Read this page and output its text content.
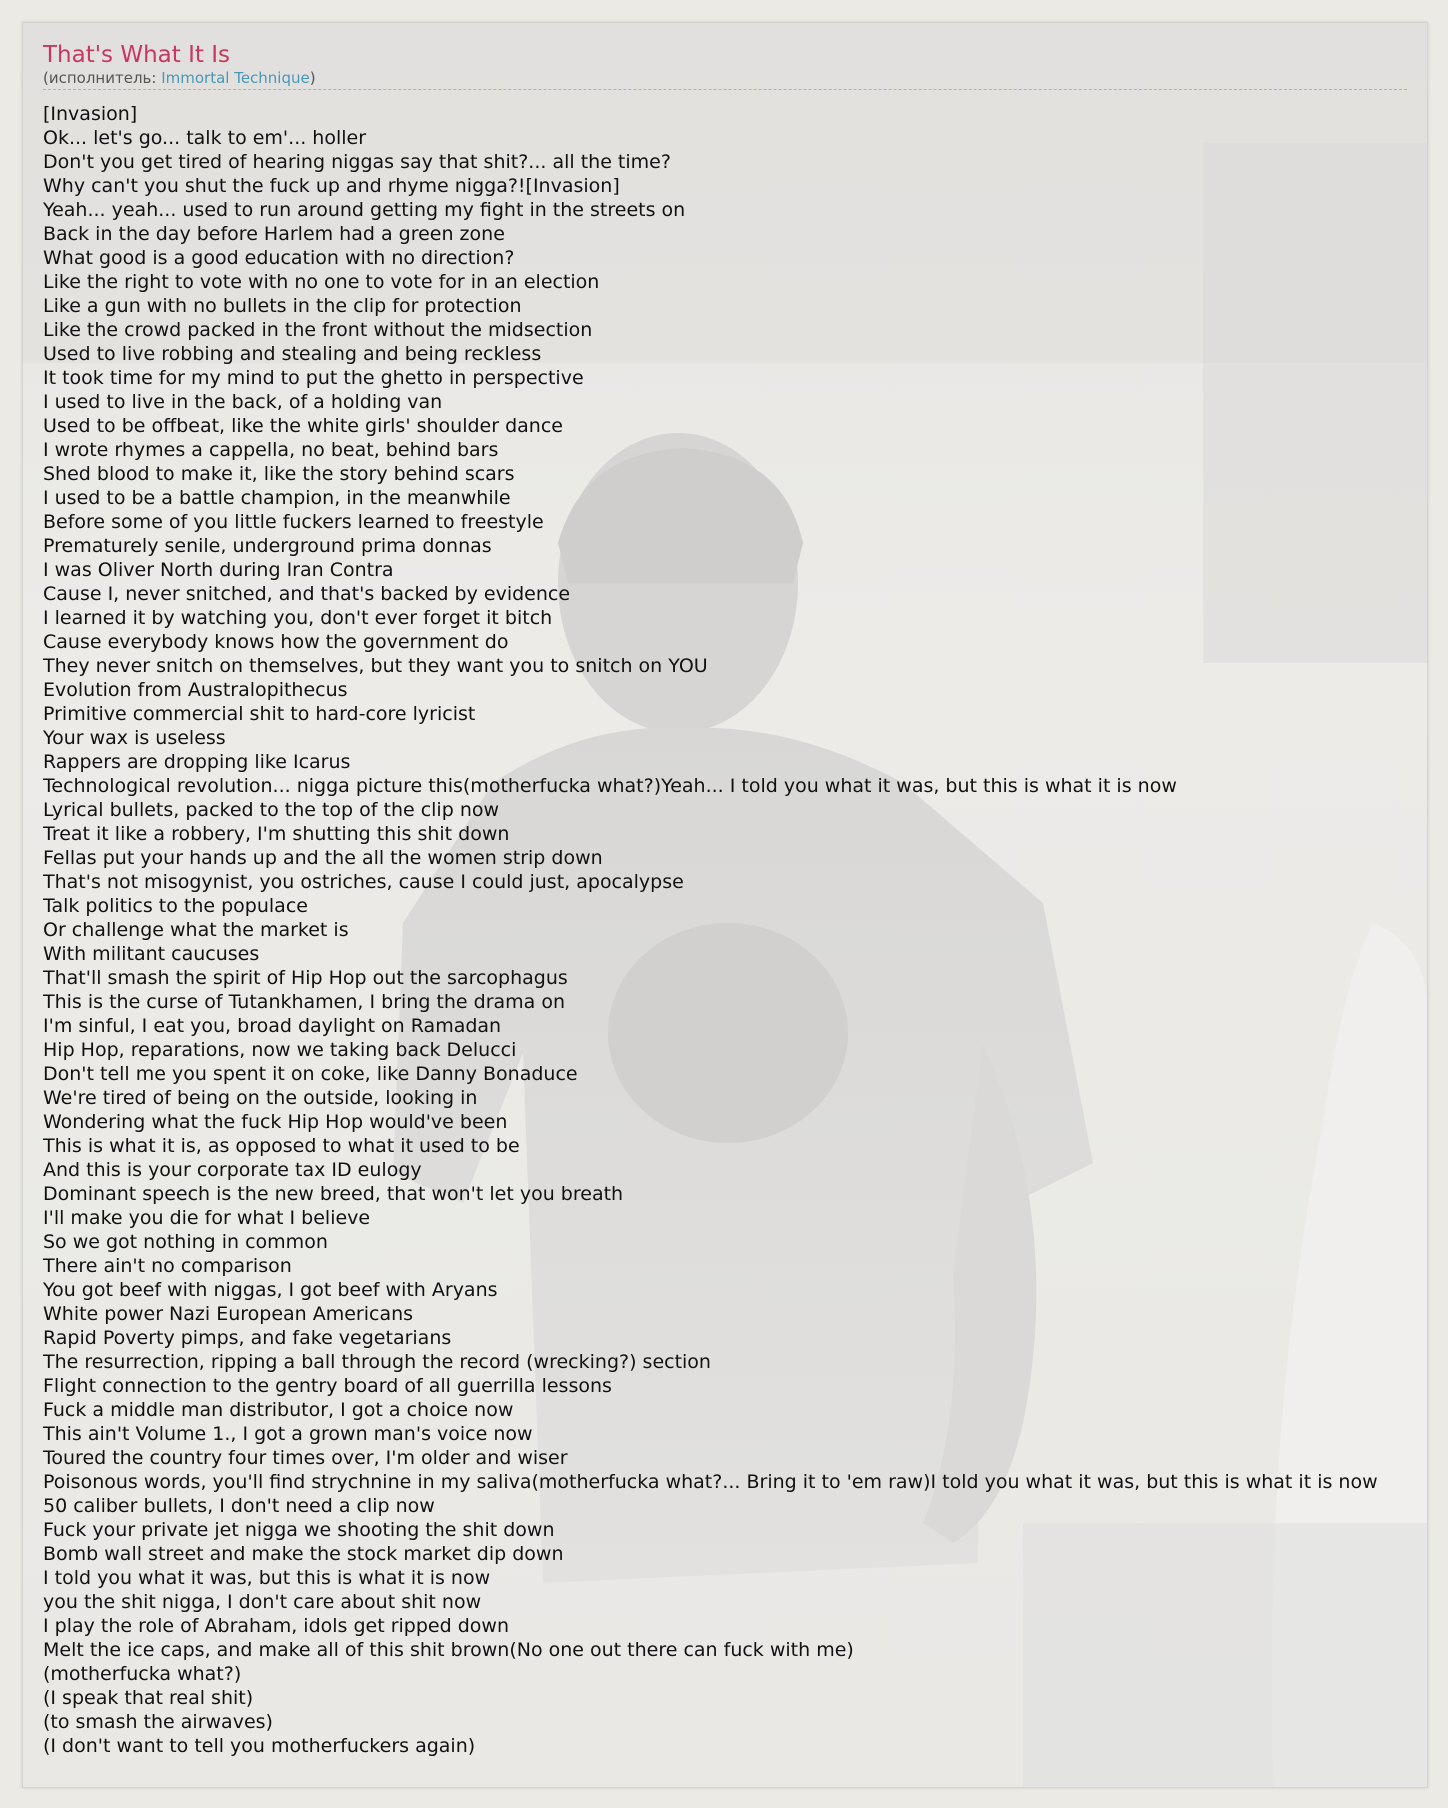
That's What It Is

(исполнитель: Immortal Technique)

[Invasion]
Ok... let's go... talk to em'... holler
Don't you get tired of hearing niggas say that shit?... all the time?
Why can't you shut the fuck up and rhyme nigga?![Invasion]
Yeah... yeah... used to run around getting my fight in the streets on
Back in the day before Harlem had a green zone
What good is a good education with no direction?
Like the right to vote with no one to vote for in an election
Like a gun with no bullets in the clip for protection
Like the crowd packed in the front without the midsection
Used to live robbing and stealing and being reckless
It took time for my mind to put the ghetto in perspective
I used to live in the back, of a holding van
Used to be offbeat, like the white girls' shoulder dance
I wrote rhymes a cappella, no beat, behind bars
Shed blood to make it, like the story behind scars
I used to be a battle champion, in the meanwhile
Before some of you little fuckers learned to freestyle
Prematurely senile, underground prima donnas
I was Oliver North during Iran Contra
Cause I, never snitched, and that's backed by evidence
I learned it by watching you, don't ever forget it bitch
Cause everybody knows how the government do
They never snitch on themselves, but they want you to snitch on YOU
Evolution from Australopithecus
Primitive commercial shit to hard-core lyricist
Your wax is useless
Rappers are dropping like Icarus
Technological revolution... nigga picture this(motherfucka what?)Yeah... I told you what it was, but this is what it is now
Lyrical bullets, packed to the top of the clip now
Treat it like a robbery, I'm shutting this shit down
Fellas put your hands up and the all the women strip down
That's not misogynist, you ostriches, cause I could just, apocalypse
Talk politics to the populace
Or challenge what the market is
With militant caucuses
That'll smash the spirit of Hip Hop out the sarcophagus
This is the curse of Tutankhamen, I bring the drama on
I'm sinful, I eat you, broad daylight on Ramadan
Hip Hop, reparations, now we taking back Delucci
Don't tell me you spent it on coke, like Danny Bonaduce
We're tired of being on the outside, looking in
Wondering what the fuck Hip Hop would've been
This is what it is, as opposed to what it used to be
And this is your corporate tax ID eulogy
Dominant speech is the new breed, that won't let you breath
I'll make you die for what I believe
So we got nothing in common
There ain't no comparison
You got beef with niggas, I got beef with Aryans
White power Nazi European Americans
Rapid Poverty pimps, and fake vegetarians
The resurrection, ripping a ball through the record (wrecking?) section
Flight connection to the gentry board of all guerrilla lessons
Fuck a middle man distributor, I got a choice now
This ain't Volume 1., I got a grown man's voice now
Toured the country four times over, I'm older and wiser
Poisonous words, you'll find strychnine in my saliva(motherfucka what?... Bring it to 'em raw)I told you what it was, but this is what it is now
50 caliber bullets, I don't need a clip now
Fuck your private jet nigga we shooting the shit down
Bomb wall street and make the stock market dip down
I told you what it was, but this is what it is now
you the shit nigga, I don't care about shit now
I play the role of Abraham, idols get ripped down
Melt the ice caps, and make all of this shit brown(No one out there can fuck with me)
(motherfucka what?)
(I speak that real shit)
(to smash the airwaves)
(I don't want to tell you motherfuckers again)
